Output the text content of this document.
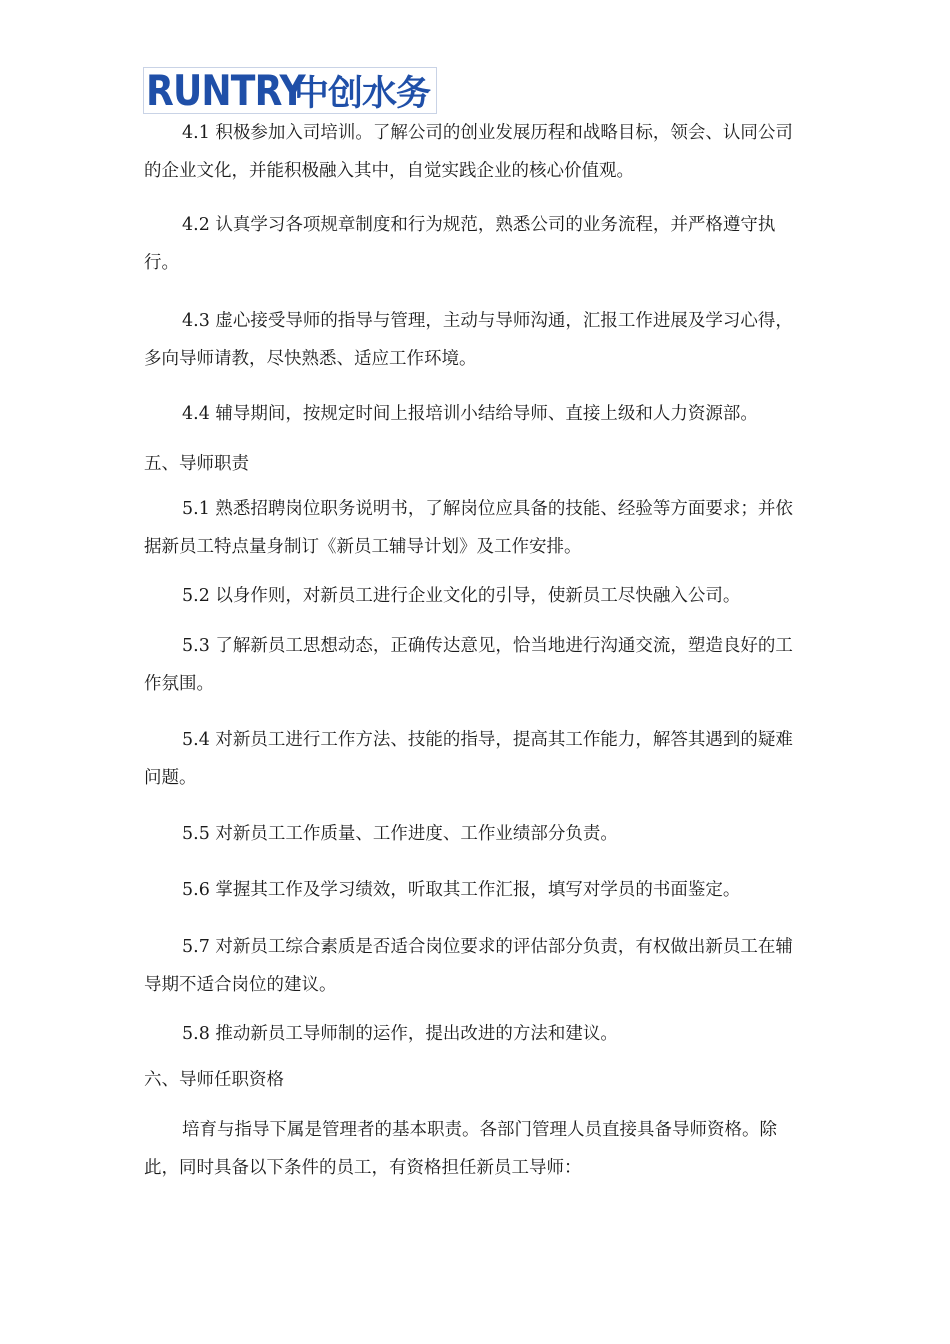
RUNTRY
中创水务

4.1 积极参加入司培训。了解公司的创业发展历程和战略目标，领会、认同公司的企业文化，并能积极融入其中，自觉实践企业的核心价值观。

4.2 认真学习各项规章制度和行为规范，熟悉公司的业务流程，并严格遵守执行。

4.3 虚心接受导师的指导与管理，主动与导师沟通，汇报工作进展及学习心得，多向导师请教，尽快熟悉、适应工作环境。

4.4 辅导期间，按规定时间上报培训小结给导师、直接上级和人力资源部。

五、导师职责

5.1 熟悉招聘岗位职务说明书，了解岗位应具备的技能、经验等方面要求；并依据新员工特点量身制订《新员工辅导计划》及工作安排。

5.2 以身作则，对新员工进行企业文化的引导，使新员工尽快融入公司。

5.3 了解新员工思想动态，正确传达意见，恰当地进行沟通交流，塑造良好的工作氛围。

5.4 对新员工进行工作方法、技能的指导，提高其工作能力，解答其遇到的疑难问题。

5.5 对新员工工作质量、工作进度、工作业绩部分负责。

5.6 掌握其工作及学习绩效，听取其工作汇报，填写对学员的书面鉴定。

5.7 对新员工综合素质是否适合岗位要求的评估部分负责，有权做出新员工在辅导期不适合岗位的建议。

5.8 推动新员工导师制的运作，提出改进的方法和建议。

六、导师任职资格

培育与指导下属是管理者的基本职责。各部门管理人员直接具备导师资格。除此，同时具备以下条件的员工，有资格担任新员工导师：
